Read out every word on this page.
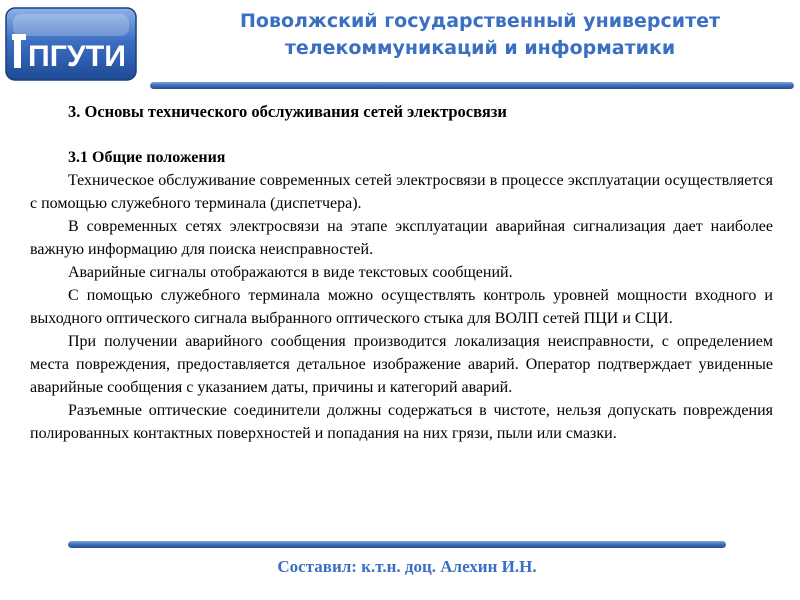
ПГУТИ
Поволжский государственный университет
телекоммуникаций и информатики

3. Основы технического обслуживания сетей электросвязи

3.1 Общие положения

Техническое обслуживание современных сетей электросвязи в процессе эксплуатации осуществляется с помощью служебного терминала (диспетчера).

В современных сетях электросвязи на этапе эксплуатации аварийная сигнализация дает наиболее важную информацию для поиска неисправностей.

Аварийные сигналы отображаются в виде текстовых сообщений.

С помощью служебного терминала можно осуществлять контроль уровней мощности входного и выходного оптического сигнала выбранного оптического стыка для ВОЛП сетей ПЦИ и СЦИ.

При получении аварийного сообщения производится локализация неисправности, с определением места повреждения, предоставляется детальное изображение аварий. Оператор подтверждает увиденные аварийные сообщения с указанием даты, причины и категорий аварий.

Разъемные оптические соединители должны содержаться в чистоте, нельзя допускать повреждения полированных контактных поверхностей и попадания на них грязи, пыли или смазки.

Составил: к.т.н. доц. Алехин И.Н.
